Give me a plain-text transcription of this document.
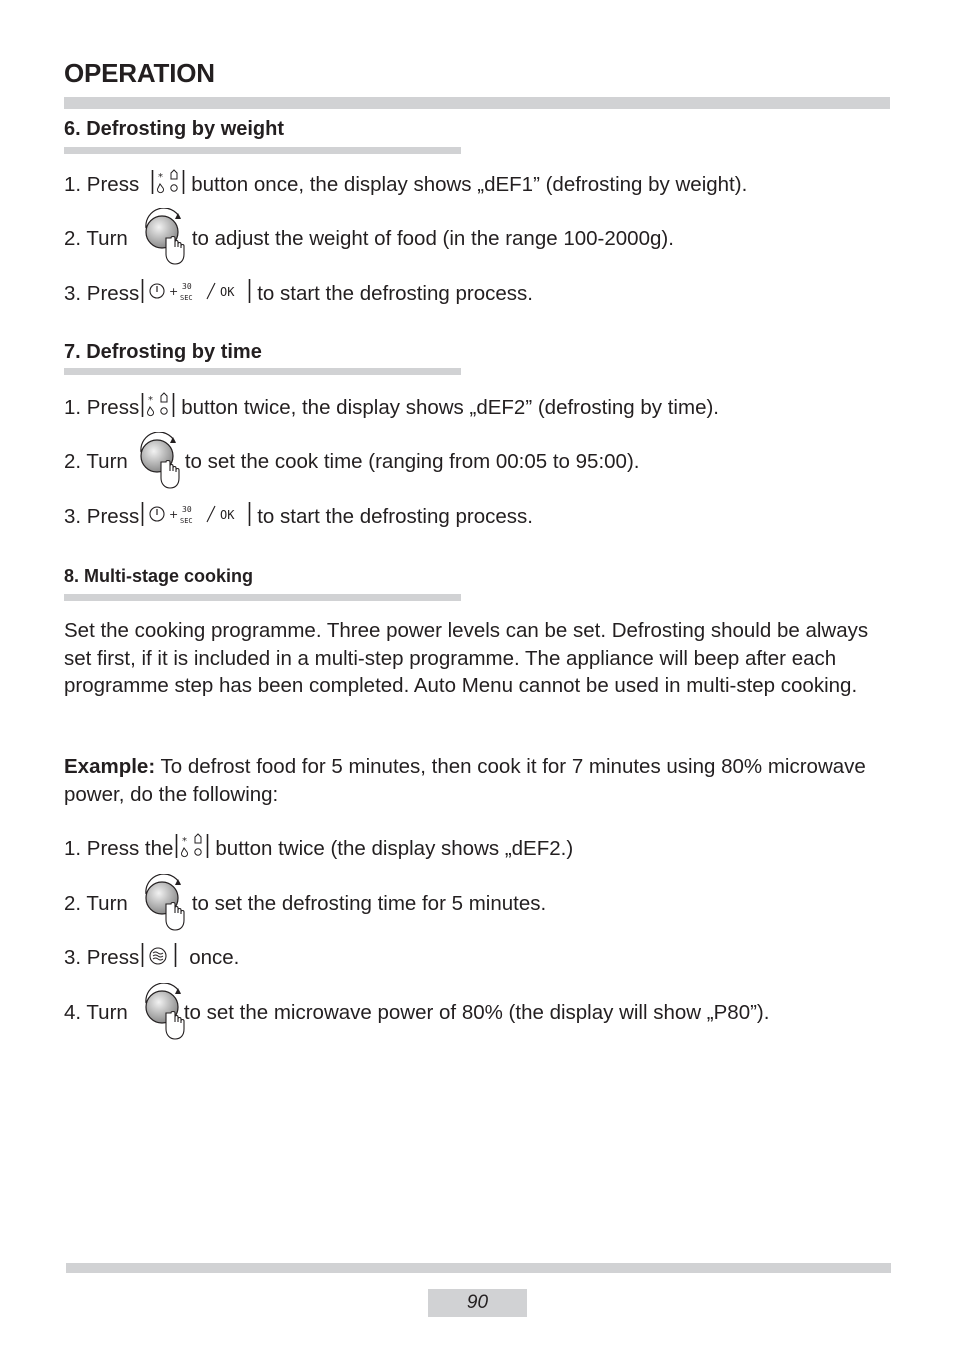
OPERATION
6. Defrosting by weight
1. Press * button once, the display shows „dEF1” (defrosting by weight).
2. Turn	to adjust the weight of food (in the range 100-2000g).
3. Press	+ 30
SEC OK to start the defrosting process.
7. Defrosting by time
1. Press * button twice, the display shows „dEF2” (defrosting by time).
2. Turn	to set the cook time (ranging from 00:05 to 95:00).
3. Press	+ 30
SEC OK to start the defrosting process.
8. Multi-stage cooking
Set the cooking programme. Three power levels can be set. Defrosting should be always set first, if it is included in a multi-step programme. The appliance will beep after each programme step has been completed. Auto Menu cannot be used in multi-step cooking.
Example: To defrost food for 5 minutes, then cook it for 7 minutes using 80% microwave power, do the following:
1. Press the * button twice (the display shows „dEF2.)
2. Turn	to set the defrosting time for 5 minutes.
3. Press once.
4. Turn	to set the microwave power of 80% (the display will show „P80”).
90
